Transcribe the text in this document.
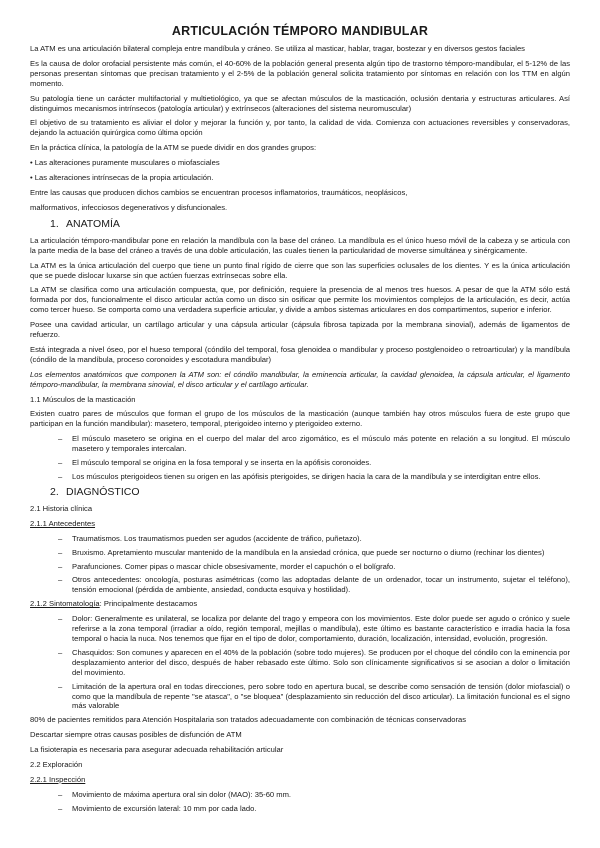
ARTICULACIÓN TÉMPORO MANDIBULAR

La ATM es una articulación bilateral compleja entre mandíbula y cráneo. Se utiliza al masticar, hablar, tragar, bostezar y en diversos gestos faciales

Es la causa de dolor orofacial persistente más común, el 40-60% de la población general presenta algún tipo de trastorno témporo-mandibular, el 5-12% de las personas presentan síntomas que precisan tratamiento y el 2-5% de la población general solicita tratamiento por síntomas en relación con los TTM en algún momento.

Su patología tiene un carácter multifactorial y multietiológico, ya que se afectan músculos de la masticación, oclusión dentaria y estructuras articulares. Así distinguimos mecanismos intrínsecos (patología articular) y extrínsecos (alteraciones del sistema neuromuscular)

El objetivo de su tratamiento es aliviar el dolor y mejorar la función y, por tanto, la calidad de vida. Comienza con actuaciones reversibles y conservadoras, dejando la actuación quirúrgica como última opción

En la práctica clínica, la patología de la ATM se puede dividir en dos grandes grupos:

• Las alteraciones puramente musculares o miofasciales
• Las alteraciones intrínsecas de la propia articulación.

Entre las causas que producen dichos cambios se encuentran procesos inflamatorios, traumáticos, neoplásicos,

malformativos, infecciosos degenerativos y disfuncionales.

1. ANATOMÍA

La articulación témporo-mandibular pone en relación la mandíbula con la base del cráneo. La mandíbula es el único hueso móvil de la cabeza y se articula con la parte media de la base del cráneo a través de una doble articulación, las cuales tienen la particularidad de moverse simultánea y sinérgicamente.

La ATM es la única articulación del cuerpo que tiene un punto final rígido de cierre que son las superficies oclusales de los dientes. Y es la única articulación que se puede dislocar luxarse sin que actúen fuerzas extrínsecas sobre ella.

La ATM se clasifica como una articulación compuesta, que, por definición, requiere la presencia de al menos tres huesos. A pesar de que la ATM sólo está formada por dos, funcionalmente el disco articular actúa como un disco sin osificar que permite los movimientos complejos de la articulación, es decir, actúa como tercer hueso. Se comporta como una verdadera superficie articular, y divide a ambos sistemas articulares en dos compartimentos, superior e inferior.

Posee una cavidad articular, un cartílago articular y una cápsula articular (cápsula fibrosa tapizada por la membrana sinovial), además de ligamentos de refuerzo.

Está integrada a nivel óseo, por el hueso temporal (cóndilo del temporal, fosa glenoidea o mandibular y proceso postglenoideo o retroarticular) y la mandíbula (cóndilo de la mandíbula, proceso coronoides y escotadura mandibular)

Los elementos anatómicos que componen la ATM son: el cóndilo mandibular, la eminencia articular, la cavidad glenoidea, la cápsula articular, el ligamento témporo-mandibular, la membrana sinovial, el disco articular y el cartílago articular.

1.1 Músculos de la masticación

Existen cuatro pares de músculos que forman el grupo de los músculos de la masticación (aunque también hay otros músculos fuera de este grupo que participan en la función mandibular): masetero, temporal, pterigoideo interno y pterigoideo externo.

– El músculo masetero se origina en el cuerpo del malar del arco zigomático, es el músculo más potente en relación a su longitud. El músculo masetero y temporales intercalan.
– El músculo temporal se origina en la fosa temporal y se inserta en la apófisis coronoides.
– Los músculos pterigoideos tienen su origen en las apófisis pterigoides, se dirigen hacia la cara de la mandíbula y se interdigitan entre ellos.
2. DIAGNÓSTICO
2.1 Historia clínica
2.1.1 Antecedentes
– Traumatismos. Los traumatismos pueden ser agudos (accidente de tráfico, puñetazo).
– Bruxismo. Apretamiento muscular mantenido de la mandíbula en la ansiedad crónica, que puede ser nocturno o diurno (rechinar los dientes)
– Parafunciones. Comer pipas o mascar chicle obsesivamente, morder el capuchón o el bolígrafo.
– Otros antecedentes: oncología, posturas asimétricas (como las adoptadas delante de un ordenador, tocar un instrumento, sujetar el teléfono), tensión emocional (pérdida de ambiente, ansiedad, conducta esquiva y hostilidad).
2.1.2 Sintomatología: Principalmente destacamos
– Dolor: Generalmente es unilateral, se localiza por delante del trago y empeora con los movimientos. Este dolor puede ser agudo o crónico y suele referirse a la zona temporal (irradiar a oído, región temporal, mejillas o mandíbula), este último es bastante característico e irradia hacia la fosa temporal o hacia la nuca. Nos tenemos que fijar en el tipo de dolor, comportamiento, duración, localización, intensidad, evolución, progresión.
– Chasquidos: Son comunes y aparecen en el 40% de la población (sobre todo mujeres). Se producen por el choque del cóndilo con la eminencia por desplazamiento anterior del disco, después de haber rebasado este último. Solo son clínicamente significativos si se asocian a dolor o limitación del movimiento.
– Limitación de la apertura oral en todas direcciones, pero sobre todo en apertura bucal, se describe como sensación de tensión (dolor miofascial) o como que la mandíbula de repente "se atasca", o "se bloquea" (desplazamiento sin reducción del disco articular). La limitación funcional es el signo más valorable

80% de pacientes remitidos para Atención Hospitalaria son tratados adecuadamente con combinación de técnicas conservadoras

Descartar siempre otras causas posibles de disfunción de ATM

La fisioterapia es necesaria para asegurar adecuada rehabilitación articular

2.2 Exploración
2.2.1 Inspección
– Movimiento de máxima apertura oral sin dolor (MAO): 35-60 mm.
– Movimiento de excursión lateral: 10 mm por cada lado.
